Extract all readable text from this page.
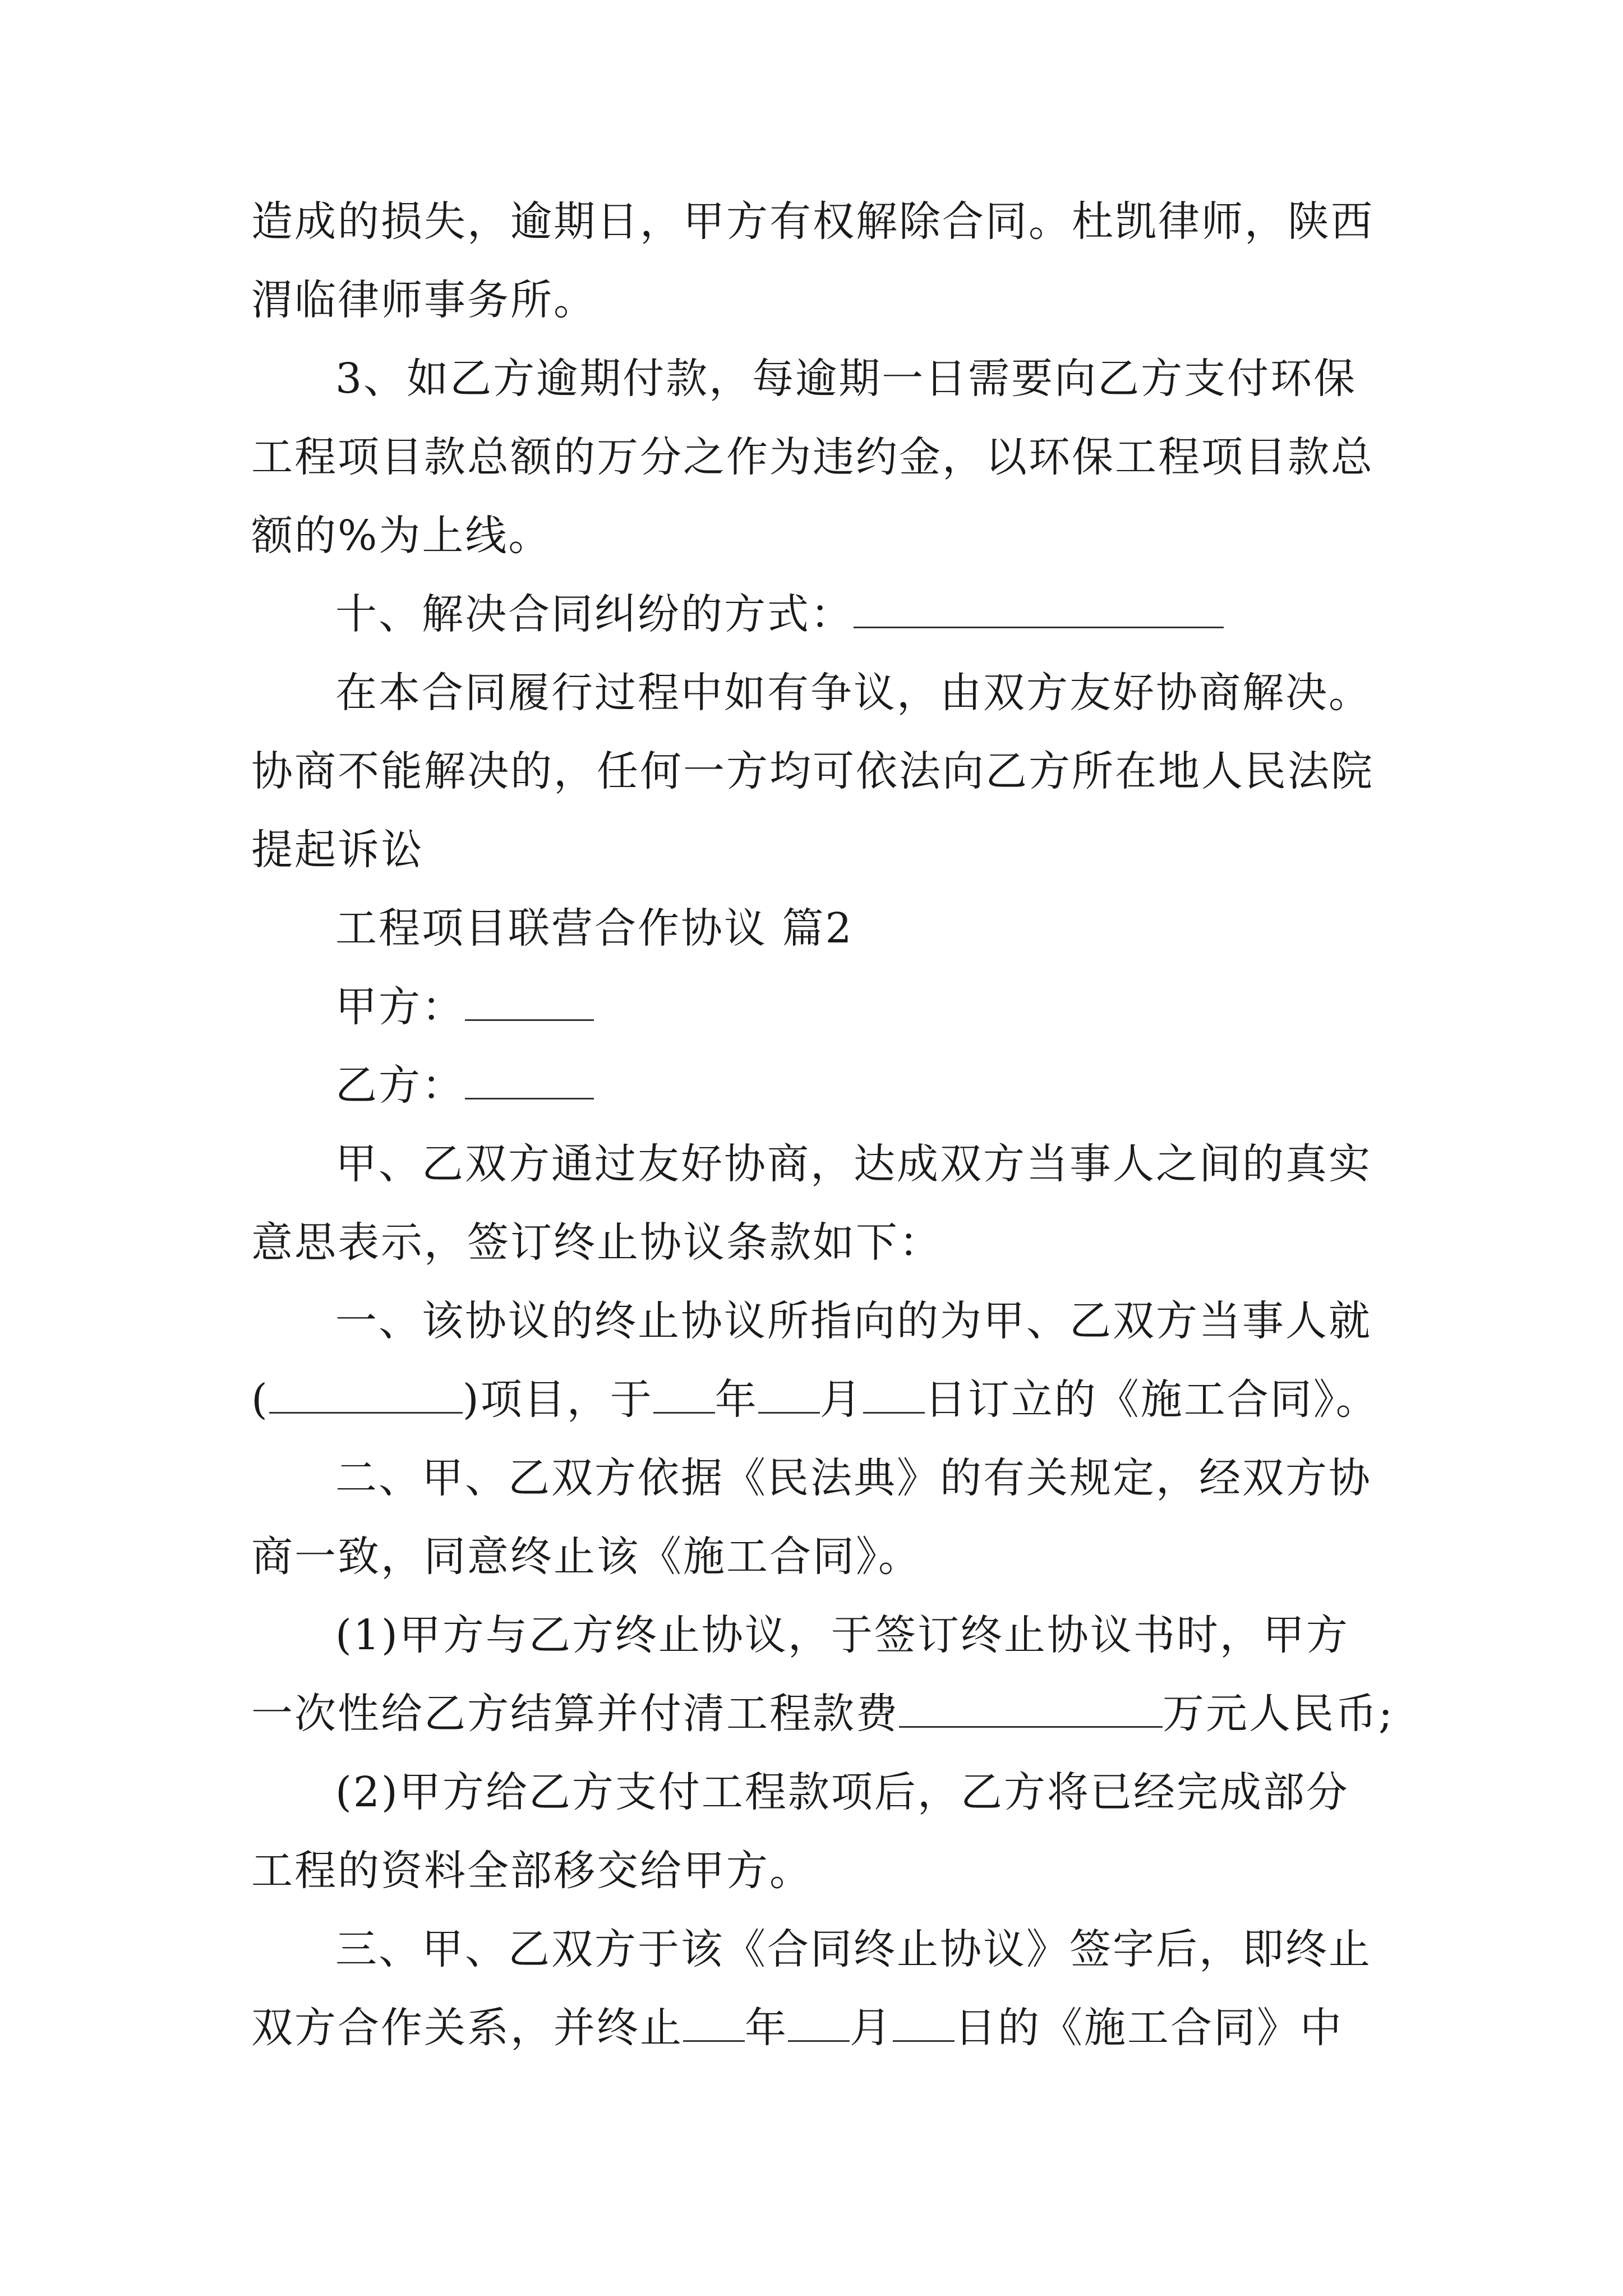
造成的损失，逾期日，甲方有权解除合同。杜凯律师，陕西
渭临律师事务所。
3、如乙方逾期付款，每逾期一日需要向乙方支付环保
工程项目款总额的万分之作为违约金，以环保工程项目款总
额的%为上线。
十、解决合同纠纷的方式：
在本合同履行过程中如有争议，由双方友好协商解决。
协商不能解决的，任何一方均可依法向乙方所在地人民法院
提起诉讼
工程项目联营合作协议 篇2
甲方：
乙方：
甲、乙双方通过友好协商，达成双方当事人之间的真实
意思表示，签订终止协议条款如下：
一、该协议的终止协议所指向的为甲、乙双方当事人就
(	)项目，于 年 月 日订立的《施工合同》。
二、甲、乙双方依据《民法典》的有关规定，经双方协
商一致，同意终止该《施工合同》。
(1)甲方与乙方终止协议，于签订终止协议书时，甲方
一次性给乙方结算并付清工程款费	万元人民币;
(2)甲方给乙方支付工程款项后，乙方将已经完成部分
工程的资料全部移交给甲方。
三、甲、乙双方于该《合同终止协议》签字后，即终止
双方合作关系，并终止 年 月 日的《施工合同》中
